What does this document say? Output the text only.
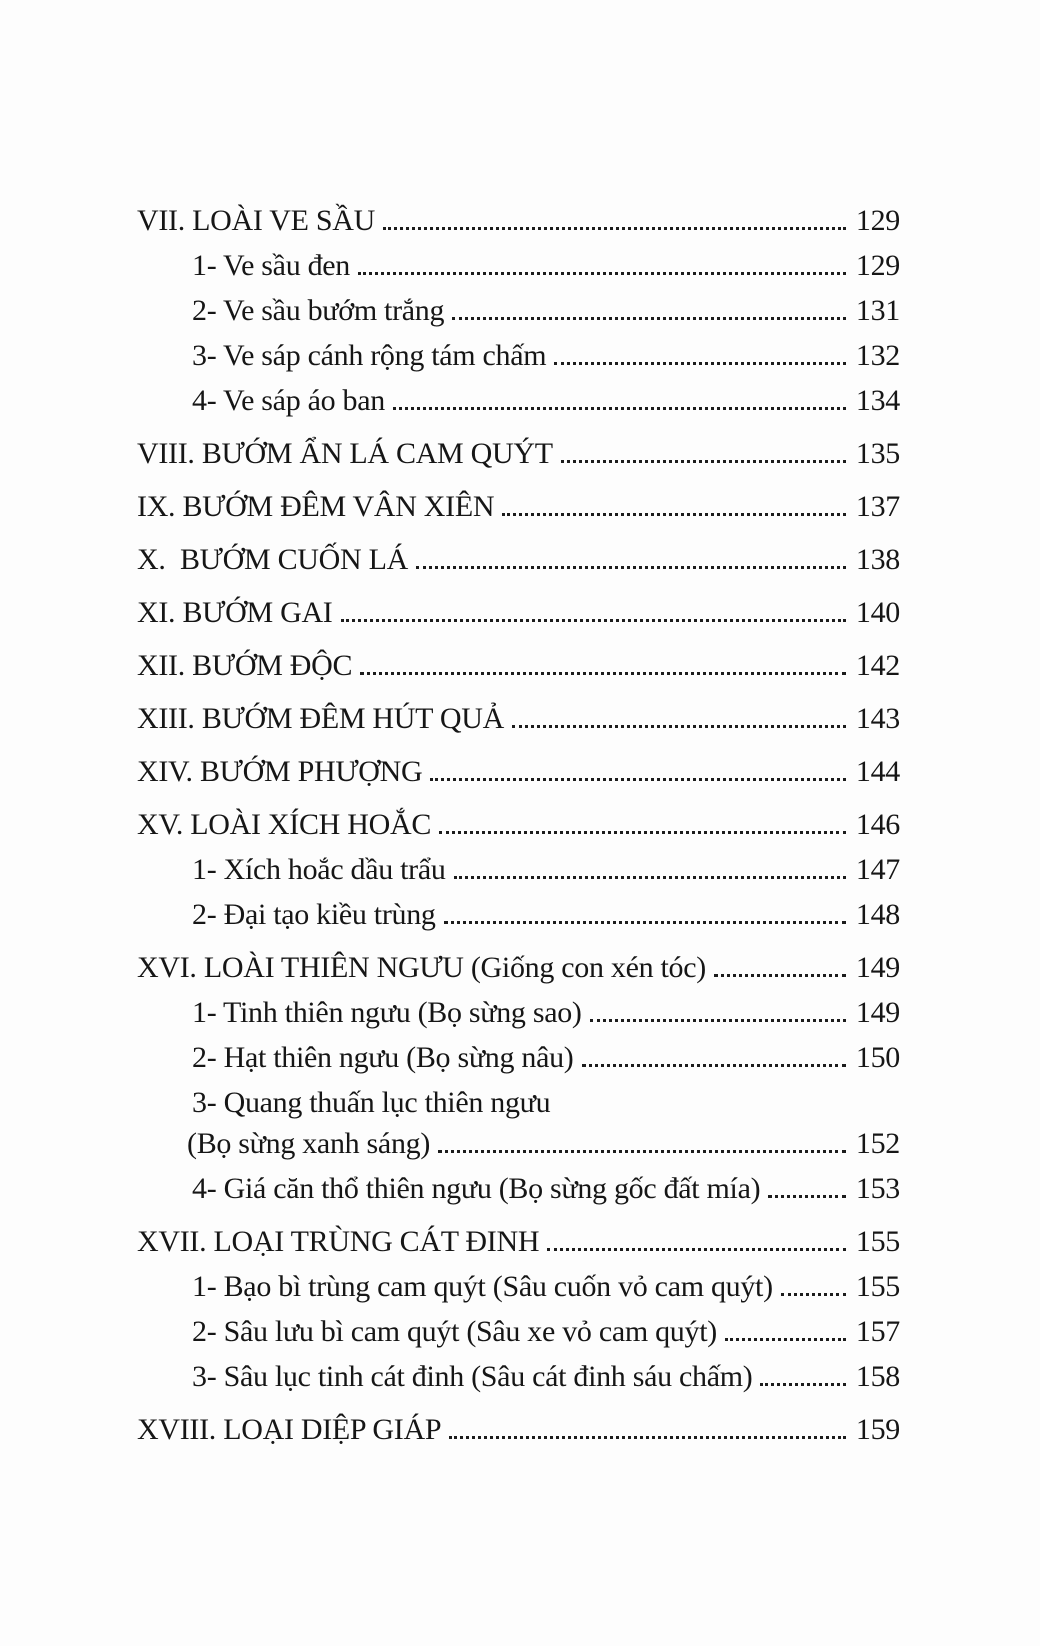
VII. LOÀI VE SẦU	129
1- Ve sầu đen	129
2- Ve sầu bướm trắng	131
3- Ve sáp cánh rộng tám chấm	132
4- Ve sáp áo ban	134
VIII. BƯỚM ẨN LÁ CAM QUÝT	135
IX. BƯỚM ĐÊM VÂN XIÊN	137
X.  BƯỚM CUỐN LÁ	138
XI. BƯỚM GAI	140
XII. BƯỚM ĐỘC	142
XIII. BƯỚM ĐÊM HÚT QUẢ	143
XIV. BƯỚM PHƯỢNG	144
XV. LOÀI XÍCH HOẮC	146
1- Xích hoắc dầu trẩu	147
2- Đại tạo kiều trùng	148
XVI. LOÀI THIÊN NGƯU (Giống con xén tóc)	149
1- Tinh thiên ngưu (Bọ sừng sao)	149
2- Hạt thiên ngưu (Bọ sừng nâu)	150
3- Quang thuấn lục thiên ngưu
(Bọ sừng xanh sáng)	152
4- Giá căn thổ thiên ngưu (Bọ sừng gốc đất mía)	153
XVII. LOẠI TRÙNG CÁT ĐINH	155
1- Bạo bì trùng cam quýt (Sâu cuốn vỏ cam quýt)	155
2- Sâu lưu bì cam quýt (Sâu xe vỏ cam quýt)	157
3- Sâu lục tinh cát đinh (Sâu cát đinh sáu chấm)	158
XVIII. LOẠI DIỆP GIÁP	159
